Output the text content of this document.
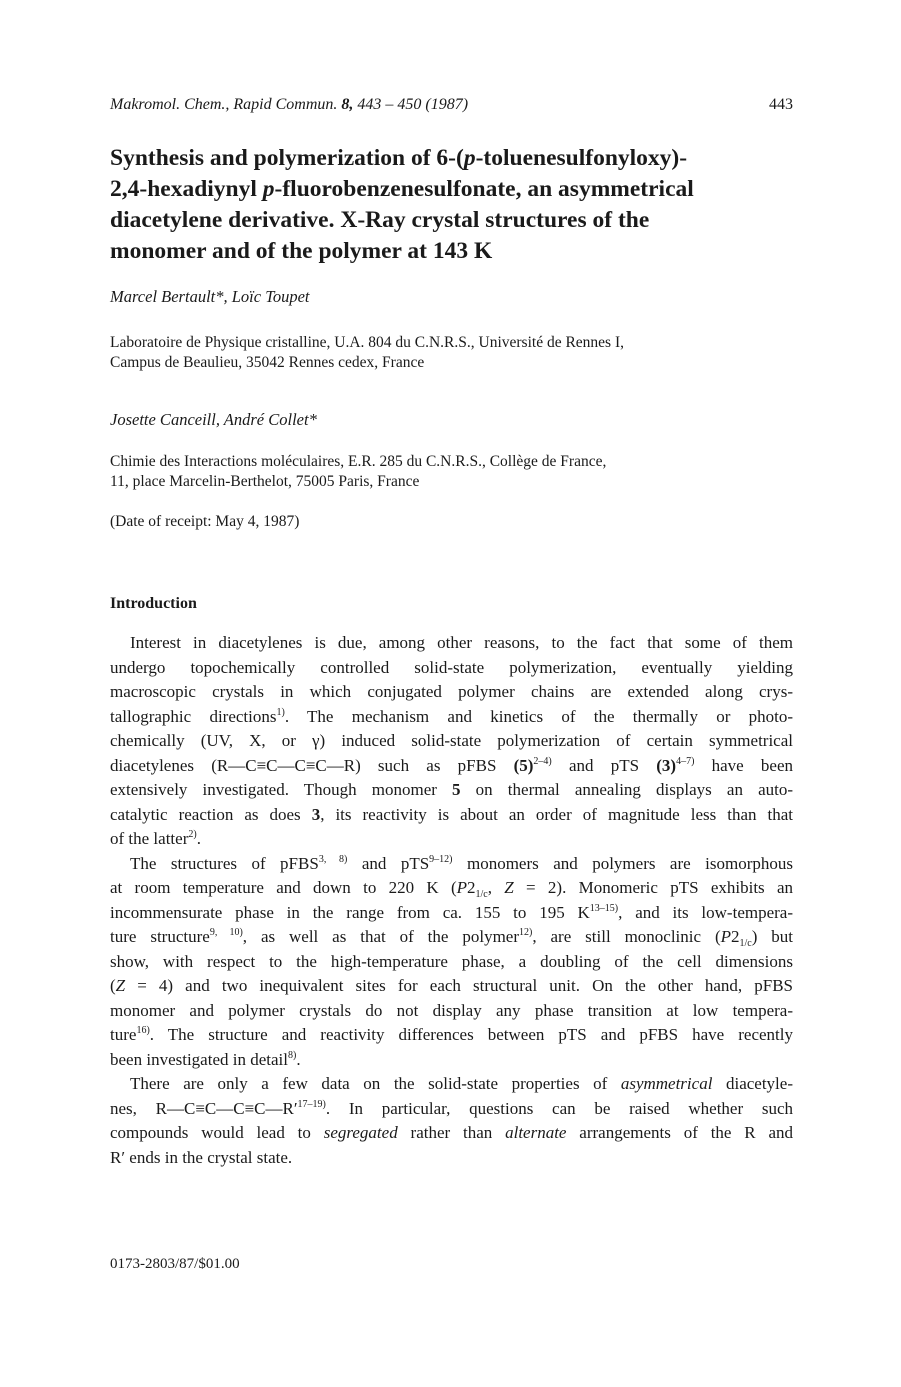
Makromol. Chem., Rapid Commun. 8, 443 – 450 (1987)	443
Synthesis and polymerization of 6-(p-toluenesulfonyloxy)-
2,4-hexadiynyl p-fluorobenzenesulfonate, an asymmetrical
diacetylene derivative. X-Ray crystal structures of the
monomer and of the polymer at 143 K
Marcel Bertault*, Loïc Toupet
Laboratoire de Physique cristalline, U.A. 804 du C.N.R.S., Université de Rennes I,
Campus de Beaulieu, 35042 Rennes cedex, France
Josette Canceill, André Collet*
Chimie des Interactions moléculaires, E.R. 285 du C.N.R.S., Collège de France,
11, place Marcelin-Berthelot, 75005 Paris, France
(Date of receipt: May 4, 1987)
Introduction
Interest in diacetylenes is due, among other reasons, to the fact that some of them
undergo topochemically controlled solid-state polymerization, eventually yielding
macroscopic crystals in which conjugated polymer chains are extended along crys-
tallographic directions$^{1)}$. The mechanism and kinetics of the thermally or photo-
chemically (UV, X, or γ) induced solid-state polymerization of certain symmetrical
diacetylenes (R—C≡C—C≡C—R) such as pFBS $(5)^{2-4)}$ and pTS $(3)^{4-7)}$ have been
extensively investigated. Though monomer 5 on thermal annealing displays an auto-
catalytic reaction as does 3, its reactivity is about an order of magnitude less than that
of the latter$^{2)}$.
The structures of pFBS$^{3, 8)}$ and pTS$^{9-12)}$ monomers and polymers are isomorphous
at room temperature and down to 220 K ($P2_{1/c}$, Z = 2). Monomeric pTS exhibits an
incommensurate phase in the range from ca. 155 to 195 $K^{13-15)}$, and its low-tempera-
ture structure$^{9, 10)}$, as well as that of the polymer$^{12)}$, are still monoclinic $(P2_{1/c})$ but
show, with respect to the high-temperature phase, a doubling of the cell dimensions
(Z = 4) and two inequivalent sites for each structural unit. On the other hand, pFBS
monomer and polymer crystals do not display any phase transition at low tempera-
ture$^{16)}$. The structure and reactivity differences between pTS and pFBS have recently
been investigated in detail$^{8)}$.
There are only a few data on the solid-state properties of asymmetrical diacetyle-
nes, $R—C\equiv C—C\equiv C—R'^{17-19)}$. In particular, questions can be raised whether such
compounds would lead to segregated rather than alternate arrangements of the R and
R′ ends in the crystal state.
0173-2803/87/$01.00
